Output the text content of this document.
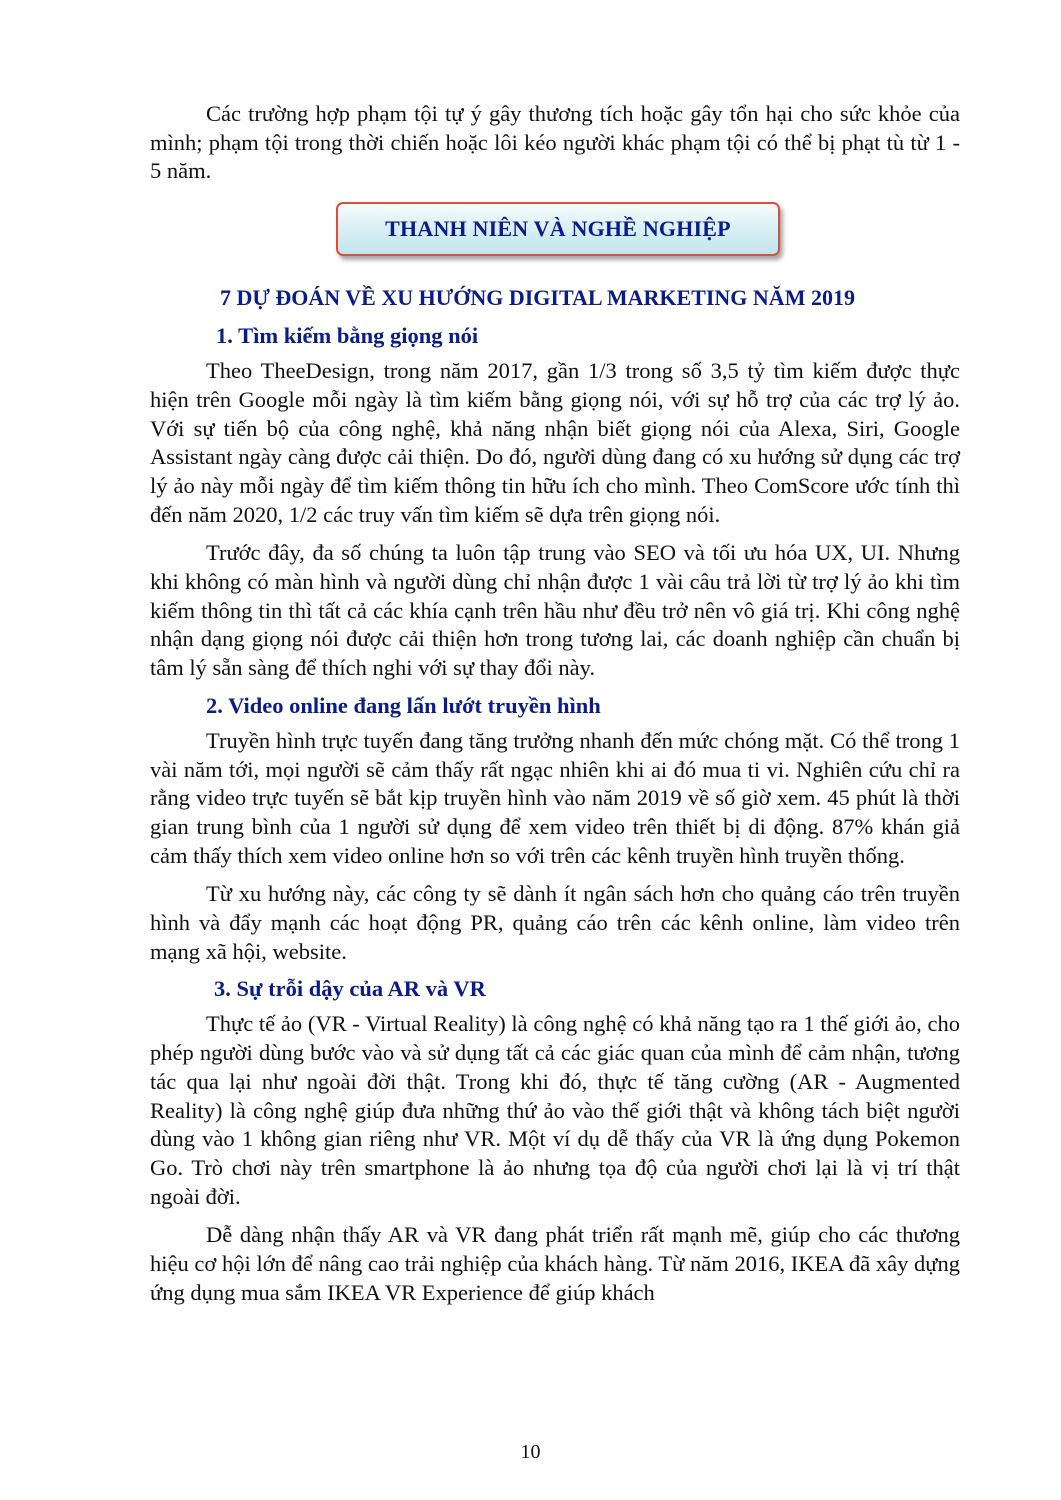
Các trường hợp phạm tội tự ý gây thương tích hoặc gây tổn hại cho sức khỏe của mình; phạm tội trong thời chiến hoặc lôi kéo người khác phạm tội có thể bị phạt tù từ 1 - 5 năm.

THANH NIÊN VÀ NGHỀ NGHIỆP
7 DỰ ĐOÁN VỀ XU HƯỚNG DIGITAL MARKETING NĂM 2019
1. Tìm kiếm bằng giọng nói

Theo TheeDesign, trong năm 2017, gần 1/3 trong số 3,5 tỷ tìm kiếm được thực hiện trên Google mỗi ngày là tìm kiếm bằng giọng nói, với sự hỗ trợ của các trợ lý ảo. Với sự tiến bộ của công nghệ, khả năng nhận biết giọng nói của Alexa, Siri, Google Assistant ngày càng được cải thiện. Do đó, người dùng đang có xu hướng sử dụng các trợ lý ảo này mỗi ngày để tìm kiếm thông tin hữu ích cho mình. Theo ComScore ước tính thì đến năm 2020, 1/2 các truy vấn tìm kiếm sẽ dựa trên giọng nói.

Trước đây, đa số chúng ta luôn tập trung vào SEO và tối ưu hóa UX, UI. Nhưng khi không có màn hình và người dùng chỉ nhận được 1 vài câu trả lời từ trợ lý ảo khi tìm kiếm thông tin thì tất cả các khía cạnh trên hầu như đều trở nên vô giá trị. Khi công nghệ nhận dạng giọng nói được cải thiện hơn trong tương lai, các doanh nghiệp cần chuẩn bị tâm lý sẵn sàng để thích nghi với sự thay đổi này.

2. Video online đang lấn lướt truyền hình

Truyền hình trực tuyến đang tăng trưởng nhanh đến mức chóng mặt. Có thể trong 1 vài năm tới, mọi người sẽ cảm thấy rất ngạc nhiên khi ai đó mua ti vi. Nghiên cứu chỉ ra rằng video trực tuyến sẽ bắt kịp truyền hình vào năm 2019 về số giờ xem. 45 phút là thời gian trung bình của 1 người sử dụng để xem video trên thiết bị di động. 87% khán giả cảm thấy thích xem video online hơn so với trên các kênh truyền hình truyền thống.

Từ xu hướng này, các công ty sẽ dành ít ngân sách hơn cho quảng cáo trên truyền hình và đẩy mạnh các hoạt động PR, quảng cáo trên các kênh online, làm video trên mạng xã hội, website.

3. Sự trỗi dậy của AR và VR

Thực tế ảo (VR - Virtual Reality) là công nghệ có khả năng tạo ra 1 thế giới ảo, cho phép người dùng bước vào và sử dụng tất cả các giác quan của mình để cảm nhận, tương tác qua lại như ngoài đời thật. Trong khi đó, thực tế tăng cường (AR - Augmented Reality) là công nghệ giúp đưa những thứ ảo vào thế giới thật và không tách biệt người dùng vào 1 không gian riêng như VR. Một ví dụ dễ thấy của VR là ứng dụng Pokemon Go. Trò chơi này trên smartphone là ảo nhưng tọa độ của người chơi lại là vị trí thật ngoài đời.

Dễ dàng nhận thấy AR và VR đang phát triển rất mạnh mẽ, giúp cho các thương hiệu cơ hội lớn để nâng cao trải nghiệp của khách hàng. Từ năm 2016, IKEA đã xây dựng ứng dụng mua sắm IKEA VR Experience để giúp khách

10
